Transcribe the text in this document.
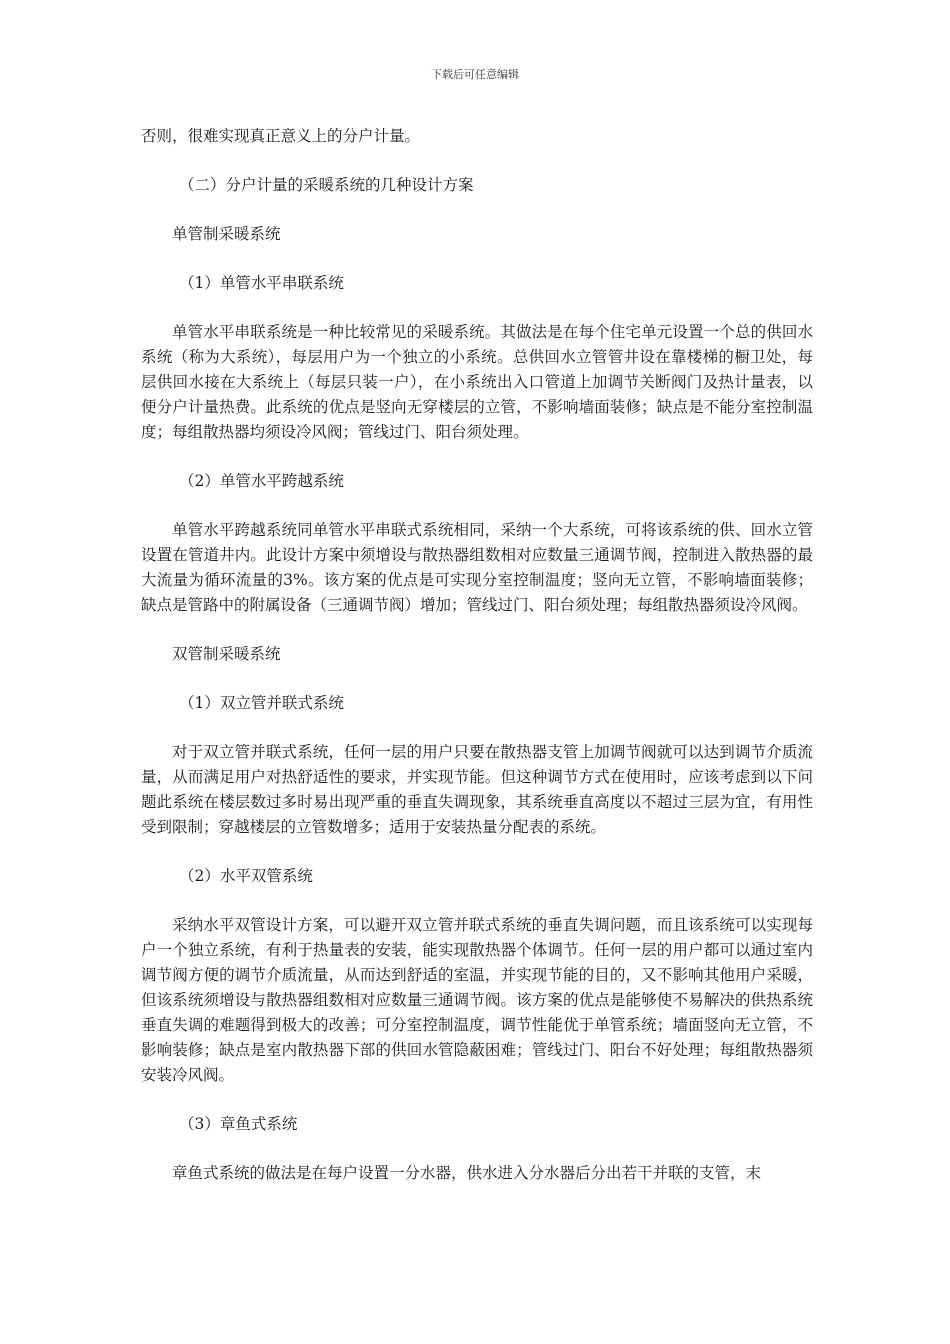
下载后可任意编辑

否则，很难实现真正意义上的分户计量。

（二）分户计量的采暖系统的几种设计方案

单管制采暖系统

（1）单管水平串联系统

单管水平串联系统是一种比较常见的采暖系统。其做法是在每个住宅单元设置一个总的供回水系统（称为大系统），每层用户为一个独立的小系统。总供回水立管管井设在靠楼梯的橱卫处，每层供回水接在大系统上（每层只装一户），在小系统出入口管道上加调节关断阀门及热计量表，以便分户计量热费。此系统的优点是竖向无穿楼层的立管，不影响墙面装修；缺点是不能分室控制温度；每组散热器均须设冷风阀；管线过门、阳台须处理。

（2）单管水平跨越系统

单管水平跨越系统同单管水平串联式系统相同，采纳一个大系统，可将该系统的供、回水立管设置在管道井内。此设计方案中须增设与散热器组数相对应数量三通调节阀，控制进入散热器的最大流量为循环流量的3%。该方案的优点是可实现分室控制温度；竖向无立管，不影响墙面装修；缺点是管路中的附属设备（三通调节阀）增加；管线过门、阳台须处理；每组散热器须设冷风阀。

双管制采暖系统

（1）双立管并联式系统

对于双立管并联式系统，任何一层的用户只要在散热器支管上加调节阀就可以达到调节介质流量，从而满足用户对热舒适性的要求，并实现节能。但这种调节方式在使用时，应该考虑到以下问题此系统在楼层数过多时易出现严重的垂直失调现象，其系统垂直高度以不超过三层为宜，有用性受到限制；穿越楼层的立管数增多；适用于安装热量分配表的系统。

（2）水平双管系统

采纳水平双管设计方案，可以避开双立管并联式系统的垂直失调问题，而且该系统可以实现每户一个独立系统，有利于热量表的安装，能实现散热器个体调节。任何一层的用户都可以通过室内调节阀方便的调节介质流量，从而达到舒适的室温，并实现节能的目的，又不影响其他用户采暖，但该系统须增设与散热器组数相对应数量三通调节阀。该方案的优点是能够使不易解决的供热系统垂直失调的难题得到极大的改善；可分室控制温度，调节性能优于单管系统；墙面竖向无立管，不影响装修；缺点是室内散热器下部的供回水管隐蔽困难；管线过门、阳台不好处理；每组散热器须安装冷风阀。

（3）章鱼式系统

章鱼式系统的做法是在每户设置一分水器，供水进入分水器后分出若干并联的支管，末
